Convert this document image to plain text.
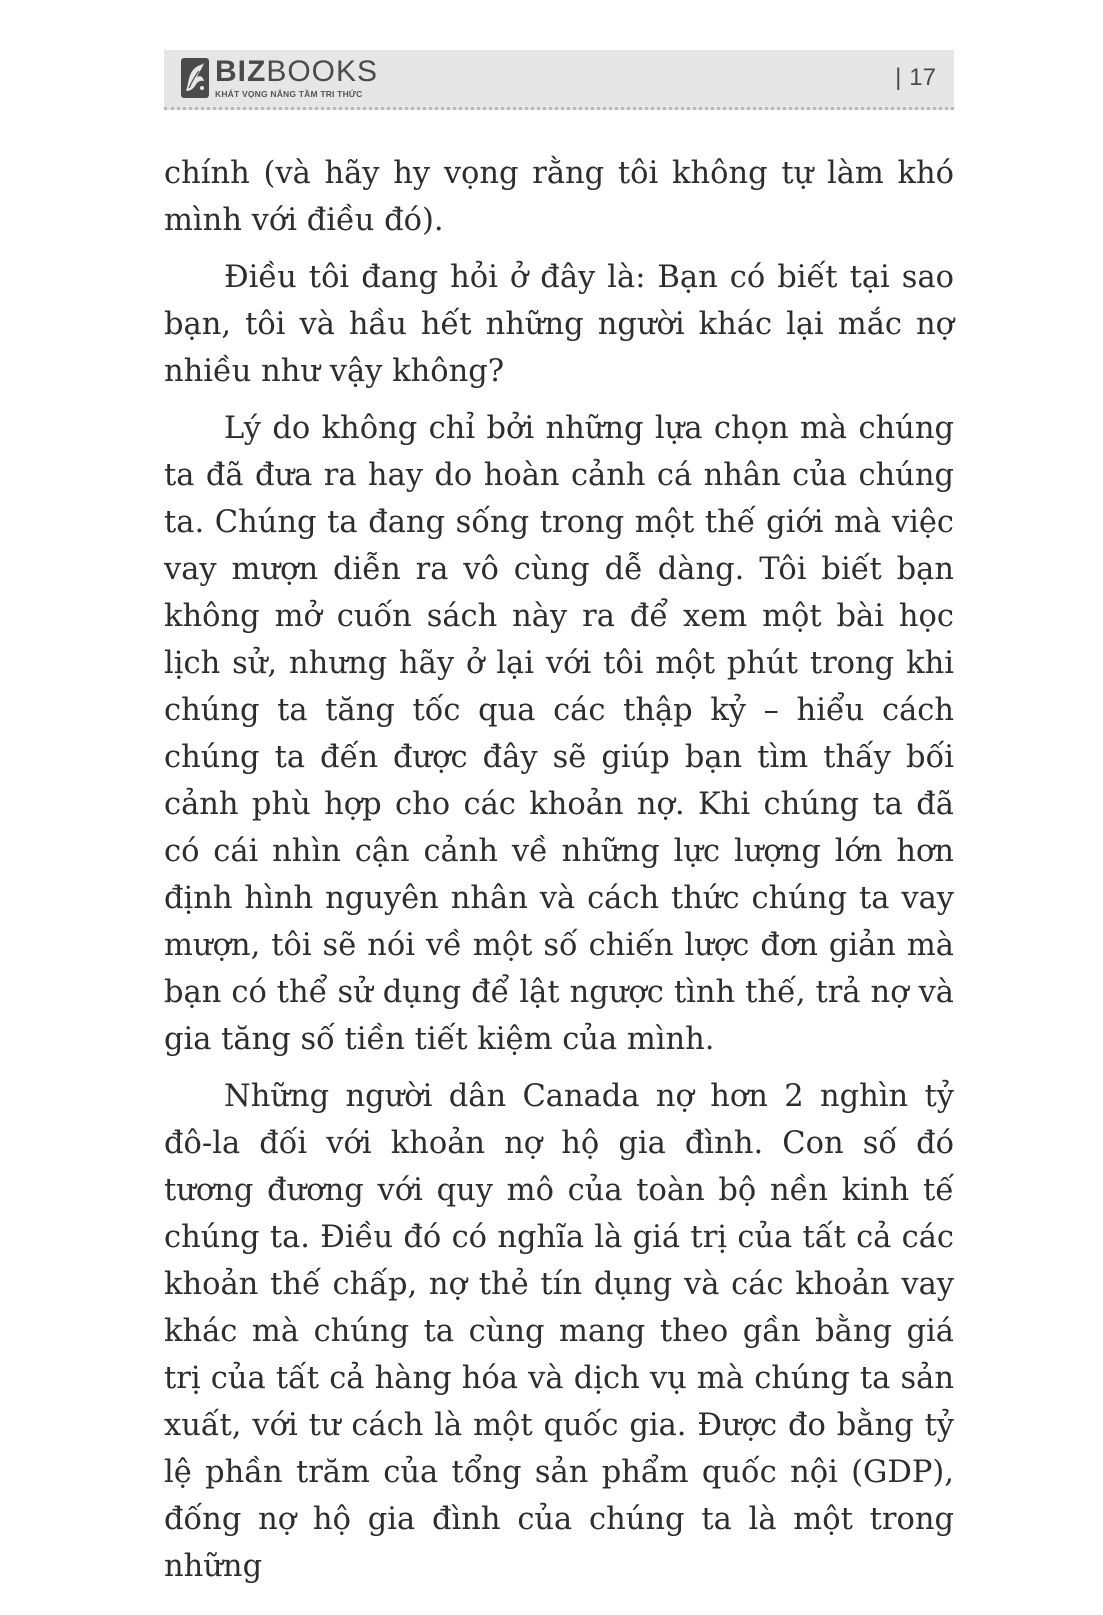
BIZBOOKS
KHÁT VỌNG NÂNG TẦM TRI THỨC
| 17

chính (và hãy hy vọng rằng tôi không tự làm khó mình với điều đó).

Điều tôi đang hỏi ở đây là: Bạn có biết tại sao bạn, tôi và hầu hết những người khác lại mắc nợ nhiều như vậy không?

Lý do không chỉ bởi những lựa chọn mà chúng ta đã đưa ra hay do hoàn cảnh cá nhân của chúng ta. Chúng ta đang sống trong một thế giới mà việc vay mượn diễn ra vô cùng dễ dàng. Tôi biết bạn không mở cuốn sách này ra để xem một bài học lịch sử, nhưng hãy ở lại với tôi một phút trong khi chúng ta tăng tốc qua các thập kỷ – hiểu cách chúng ta đến được đây sẽ giúp bạn tìm thấy bối cảnh phù hợp cho các khoản nợ. Khi chúng ta đã có cái nhìn cận cảnh về những lực lượng lớn hơn định hình nguyên nhân và cách thức chúng ta vay mượn, tôi sẽ nói về một số chiến lược đơn giản mà bạn có thể sử dụng để lật ngược tình thế, trả nợ và gia tăng số tiền tiết kiệm của mình.

Những người dân Canada nợ hơn 2 nghìn tỷ đô-la đối với khoản nợ hộ gia đình. Con số đó tương đương với quy mô của toàn bộ nền kinh tế chúng ta. Điều đó có nghĩa là giá trị của tất cả các khoản thế chấp, nợ thẻ tín dụng và các khoản vay khác mà chúng ta cùng mang theo gần bằng giá trị của tất cả hàng hóa và dịch vụ mà chúng ta sản xuất, với tư cách là một quốc gia. Được đo bằng tỷ lệ phần trăm của tổng sản phẩm quốc nội (GDP), đống nợ hộ gia đình của chúng ta là một trong những
